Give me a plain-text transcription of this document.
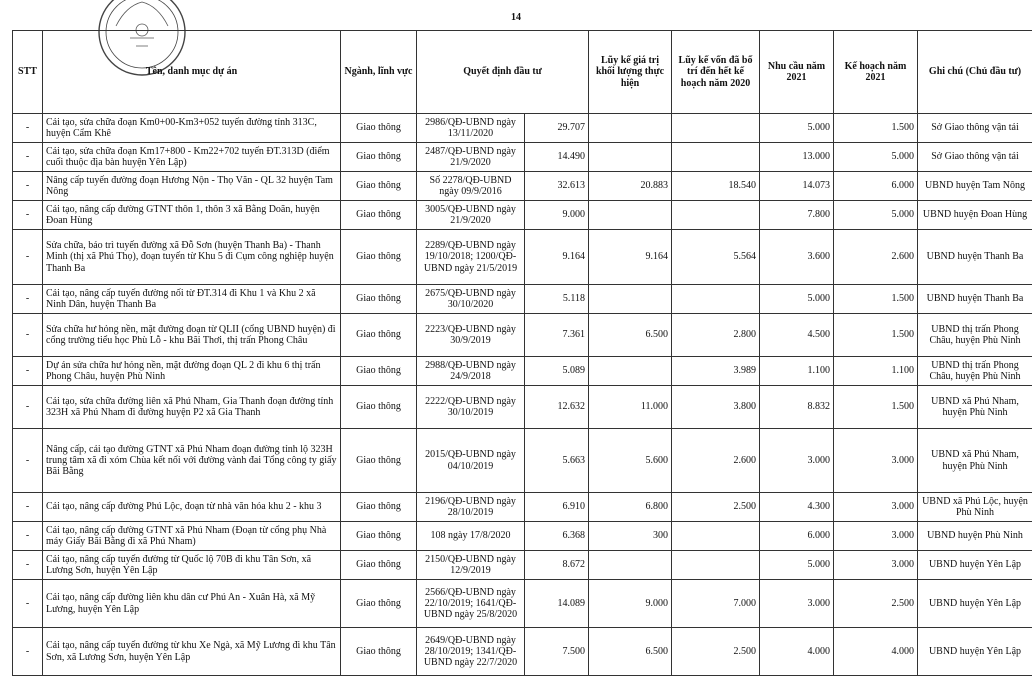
14
STT	Tên, danh mục dự án	Ngành, lĩnh vực	Quyết định đầu tư		Lũy kế giá trị khối lượng thực hiện	Lũy kế vốn đã bố trí đến hết kế hoạch năm 2020	Nhu cầu năm 2021	Kế hoạch năm 2021	Ghi chú (Chủ đầu tư)
-	Cải tạo, sửa chữa đoạn Km0+00-Km3+052 tuyến đường tỉnh 313C, huyện Cẩm Khê	Giao thông	2986/QĐ-UBND ngày 13/11/2020	29.707			5.000	1.500	Sở Giao thông vận tải
-	Cải tạo, sửa chữa đoạn Km17+800 - Km22+702 tuyến ĐT.313D (điểm cuối thuộc địa bàn huyện Yên Lập)	Giao thông	2487/QĐ-UBND ngày 21/9/2020	14.490			13.000	5.000	Sở Giao thông vận tải
-	Nâng cấp tuyến đường đoạn Hương Nộn - Thọ Văn - QL 32 huyện Tam Nông	Giao thông	Số 2278/QĐ-UBND ngày 09/9/2016	32.613	20.883	18.540	14.073	6.000	UBND huyện Tam Nông
-	Cải tạo, nâng cấp đường GTNT thôn 1, thôn 3 xã Bằng Doãn, huyện Đoan Hùng	Giao thông	3005/QĐ-UBND ngày 21/9/2020	9.000			7.800	5.000	UBND huyện Đoan Hùng
-	Sửa chữa, bảo trì tuyến đường xã Đỗ Sơn (huyện Thanh Ba) - Thanh Minh (thị xã Phú Thọ), đoạn tuyến từ Khu 5 đi Cụm công nghiệp huyện Thanh Ba	Giao thông	2289/QĐ-UBND ngày 19/10/2018; 1200/QĐ-UBND ngày 21/5/2019	9.164	9.164	5.564	3.600	2.600	UBND huyện Thanh Ba
-	Cải tạo, nâng cấp tuyến đường nối từ ĐT.314 đi Khu 1 và Khu 2 xã Ninh Dân, huyện Thanh Ba	Giao thông	2675/QĐ-UBND ngày 30/10/2020	5.118			5.000	1.500	UBND huyện Thanh Ba
-	Sửa chữa hư hỏng nền, mặt đường đoạn từ QLII (cổng UBND huyện) đi cổng trường tiểu học Phù Lỗ - khu Bãi Thơi, thị trấn Phong Châu	Giao thông	2223/QĐ-UBND ngày 30/9/2019	7.361	6.500	2.800	4.500	1.500	UBND thị trấn Phong Châu, huyện Phù Ninh
-	Dự án sửa chữa hư hỏng nền, mặt đường đoạn QL 2 đi khu 6 thị trấn Phong Châu, huyện Phù Ninh	Giao thông	2988/QĐ-UBND ngày 24/9/2018	5.089		3.989	1.100	1.100	UBND thị trấn Phong Châu, huyện Phù Ninh
-	Cải tạo, sửa chữa đường liên xã Phú Nham, Gia Thanh đoạn đường tỉnh 323H xã Phú Nham đi đường huyện P2 xã Gia Thanh	Giao thông	2222/QĐ-UBND ngày 30/10/2019	12.632	11.000	3.800	8.832	1.500	UBND xã Phú Nham, huyện Phù Ninh
-	Nâng cấp, cải tạo đường GTNT xã Phú Nham đoạn đường tỉnh lộ 323H trung tâm xã đi xóm Chùa kết nối với đường vành đai Tổng công ty giấy Bãi Bằng	Giao thông	2015/QĐ-UBND ngày 04/10/2019	5.663	5.600	2.600	3.000	3.000	UBND xã Phú Nham, huyện Phù Ninh
-	Cải tạo, nâng cấp đường Phú Lộc, đoạn từ nhà văn hóa khu 2 - khu 3	Giao thông	2196/QĐ-UBND ngày 28/10/2019	6.910	6.800	2.500	4.300	3.000	UBND xã Phú Lộc, huyện Phù Ninh
-	Cải tạo, nâng cấp đường GTNT xã Phú Nham (Đoạn từ cổng phụ Nhà máy Giấy Bãi Bằng đi xã Phú Nham)	Giao thông	108 ngày 17/8/2020	6.368	300		6.000	3.000	UBND huyện Phù Ninh
-	Cải tạo, nâng cấp tuyến đường từ Quốc lộ 70B đi khu Tân Sơn, xã Lương Sơn, huyện Yên Lập	Giao thông	2150/QĐ-UBND ngày 12/9/2019	8.672			5.000	3.000	UBND huyện Yên Lập
-	Cải tạo, nâng cấp đường liên khu dân cư Phú An - Xuân Hà, xã Mỹ Lương, huyện Yên Lập	Giao thông	2566/QĐ-UBND ngày 22/10/2019; 1641/QĐ-UBND ngày 25/8/2020	14.089	9.000	7.000	3.000	2.500	UBND huyện Yên Lập
-	Cải tạo, nâng cấp tuyến đường từ khu Xe Ngà, xã Mỹ Lương đi khu Tân Sơn, xã Lương Sơn, huyện Yên Lập	Giao thông	2649/QĐ-UBND ngày 28/10/2019; 1341/QĐ-UBND ngày 22/7/2020	7.500	6.500	2.500	4.000	4.000	UBND huyện Yên Lập
